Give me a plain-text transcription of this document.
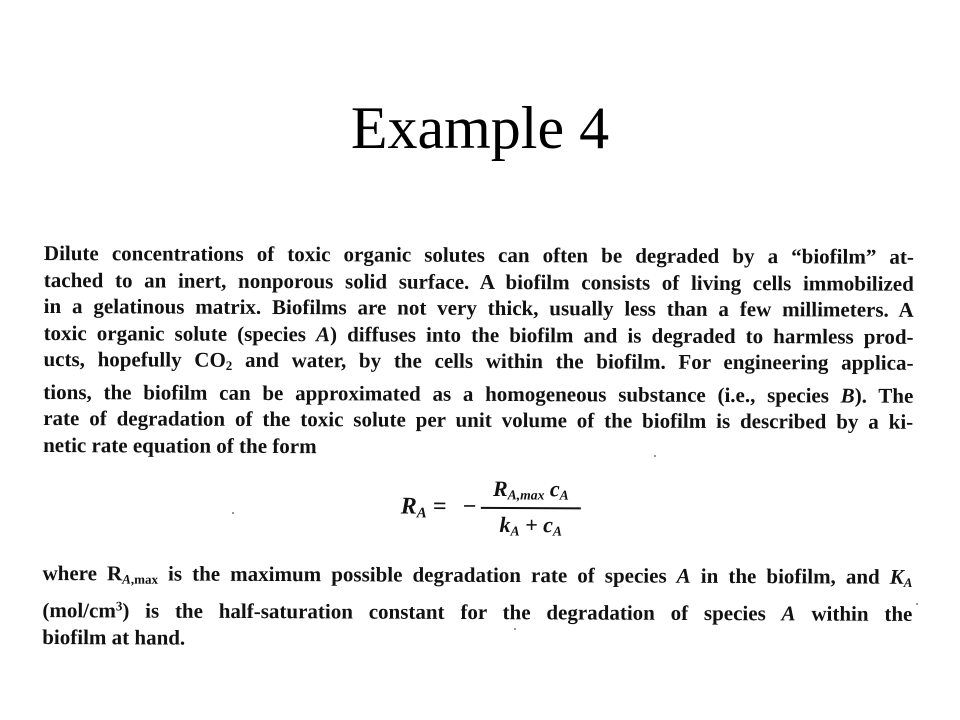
Example 4

Dilute concentrations of toxic organic solutes can often be degraded by a “biofilm” at-
tached to an inert, nonporous solid surface. A biofilm consists of living cells immobilized
in a gelatinous matrix. Biofilms are not very thick, usually less than a few millimeters. A
toxic organic solute (species A) diffuses into the biofilm and is degraded to harmless prod-
ucts, hopefully $CO_2$ and water, by the cells within the biofilm. For engineering applica-
tions, the biofilm can be approximated as a homogeneous substance (i.e., species B). The
rate of degradation of the toxic solute per unit volume of the biofilm is described by a ki-
netic rate equation of the form

$R_A$ = −
$R_{A,max}$ $c_A$
$k_A + c_A$

where $R_{A,max}$ is the maximum possible degradation rate of species A in the biofilm, and $K_A$
$(mol/cm^3)$ is the half-saturation constant for the degradation of species A within the
biofilm at hand.
